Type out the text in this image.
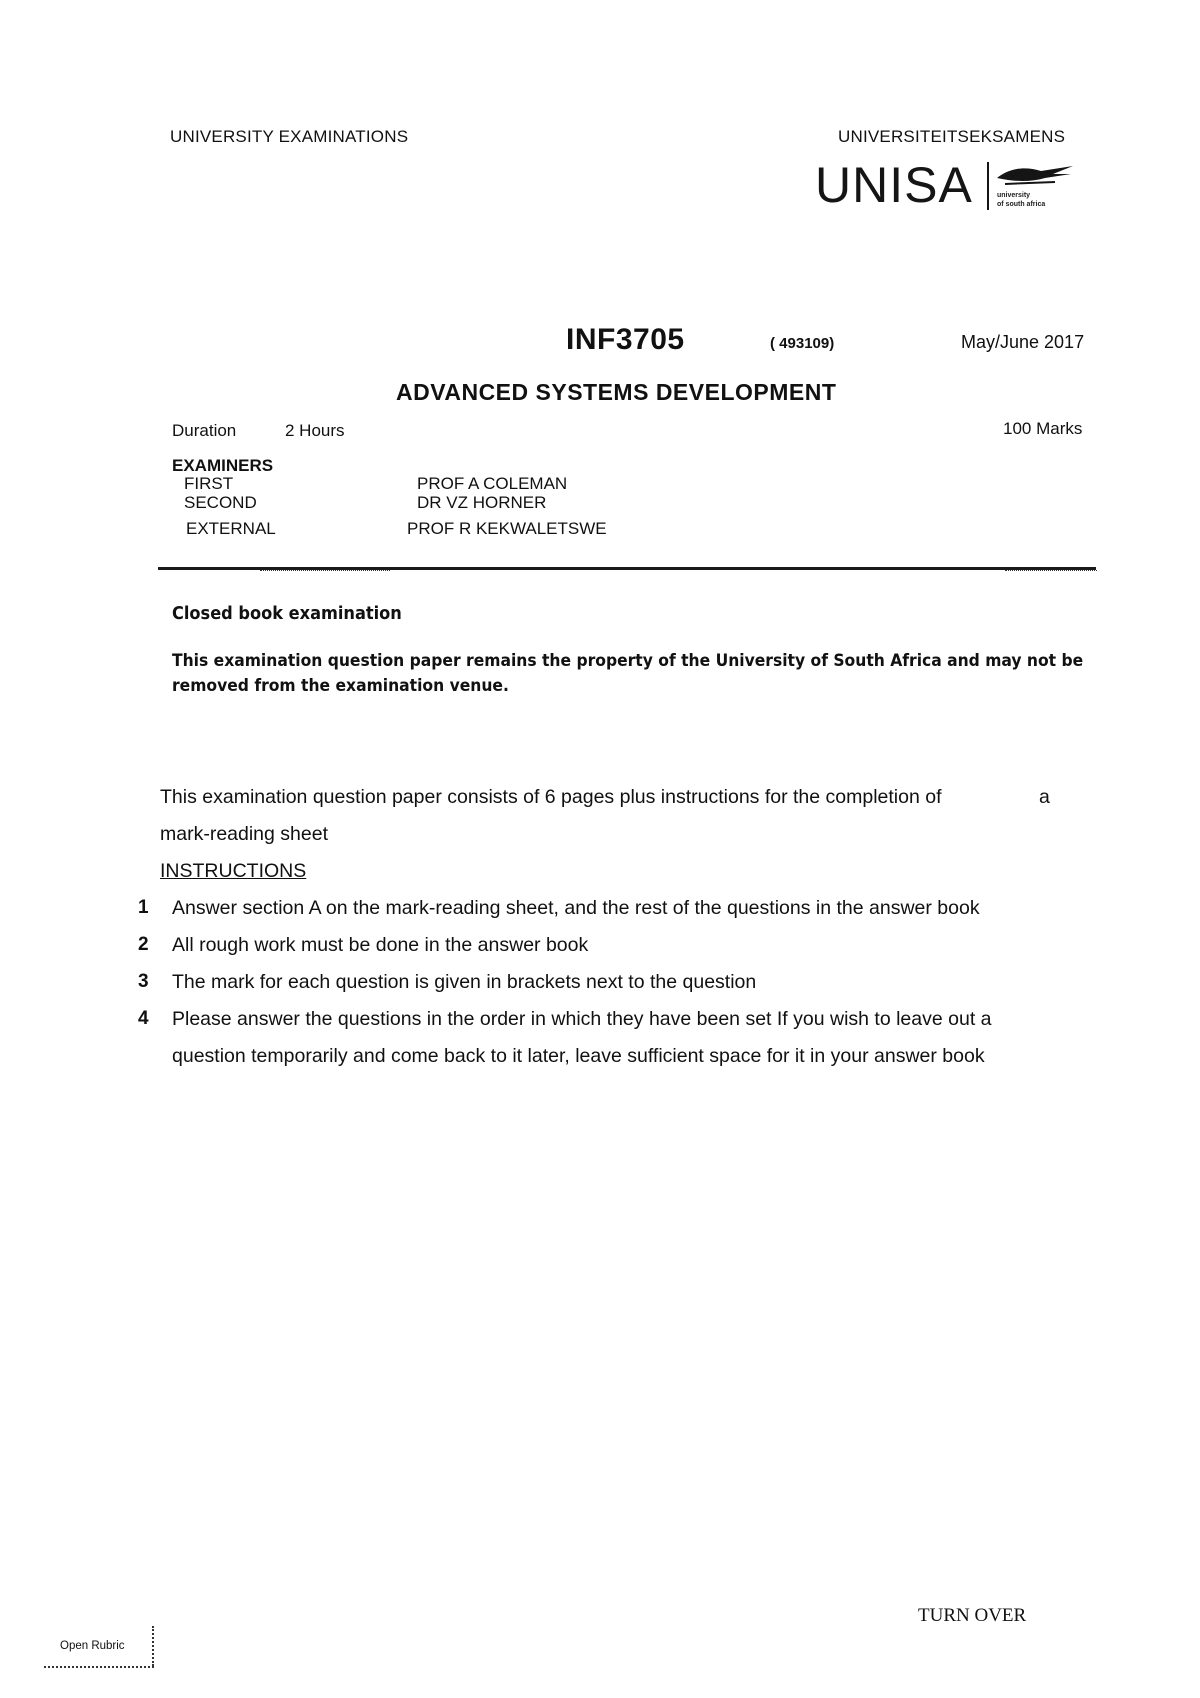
UNIVERSITY EXAMINATIONS	UNIVERSITEITSEKSAMENS
UNISA	university
of south africa
INF3705	( 493109)	May/June 2017
ADVANCED SYSTEMS DEVELOPMENT
Duration	2 Hours	100 Marks
EXAMINERS
FIRST	PROF A COLEMAN
SECOND	DR VZ HORNER
EXTERNAL	PROF R KEKWALETSWE
Closed book examination
This examination question paper remains the property of the University of South Africa and may not be
removed from the examination venue.
This examination question paper consists of 6 pages plus instructions for the completion of	a
mark-reading sheet
INSTRUCTIONS
1 Answer section A on the mark-reading sheet, and the rest of the questions in the answer book
2 All rough work must be done in the answer book
3 The mark for each question is given in brackets next to the question
4 Please answer the questions in the order in which they have been set If you wish to leave out a
question temporarily and come back to it later, leave sufficient space for it in your answer book
TURN OVER
Open Rubric
